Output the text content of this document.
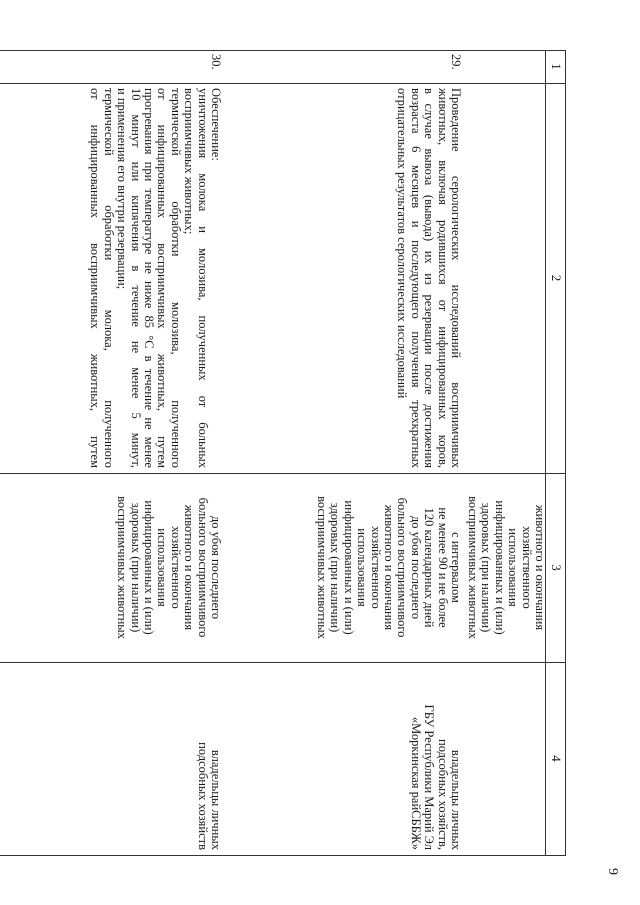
9
1
2
3
4

животного и окончания

хозяйственного

использования

инфицированных и (или)

здоровых (при наличии)

восприимчивых животных

29.

Проведение серологических исследований восприимчивых

животных, включая родившихся от инфицированных коров,

в случае вывоза (вывода) их из резервации после достижения

возраста 6 месяцев и последующего получения трехкратных

отрицательных результатов серологических исследований

с интервалом

не менее 90 и не более

120 календарных дней

до убоя последнего

больного восприимчивого

животного и окончания

хозяйственного

использования

инфицированных и (или)

здоровых (при наличии)

восприимчивых животных

владельцы личных

подсобных хозяйств,

ГБУ Республики Марий Эл

«Моркинская райСББЖ»

30.

Обеспечение:

уничтожения молока и молозива, полученных от больных

восприимчивых животных;

термической обработки молозива, полученного

от инфицированных восприимчивых животных, путем

прогревания при температуре не ниже 85 °С в течение не менее

10 минут или кипячения в течение не менее 5 минут,

и применения его внутри резервации;

термической обработки молока, полученного

от инфицированных восприимчивых животных, путем

до убоя последнего

больного восприимчивого

животного и окончания

хозяйственного

использования

инфицированных и (или)

здоровых (при наличии)

восприимчивых животных

владельцы личных

подсобных хозяйств
